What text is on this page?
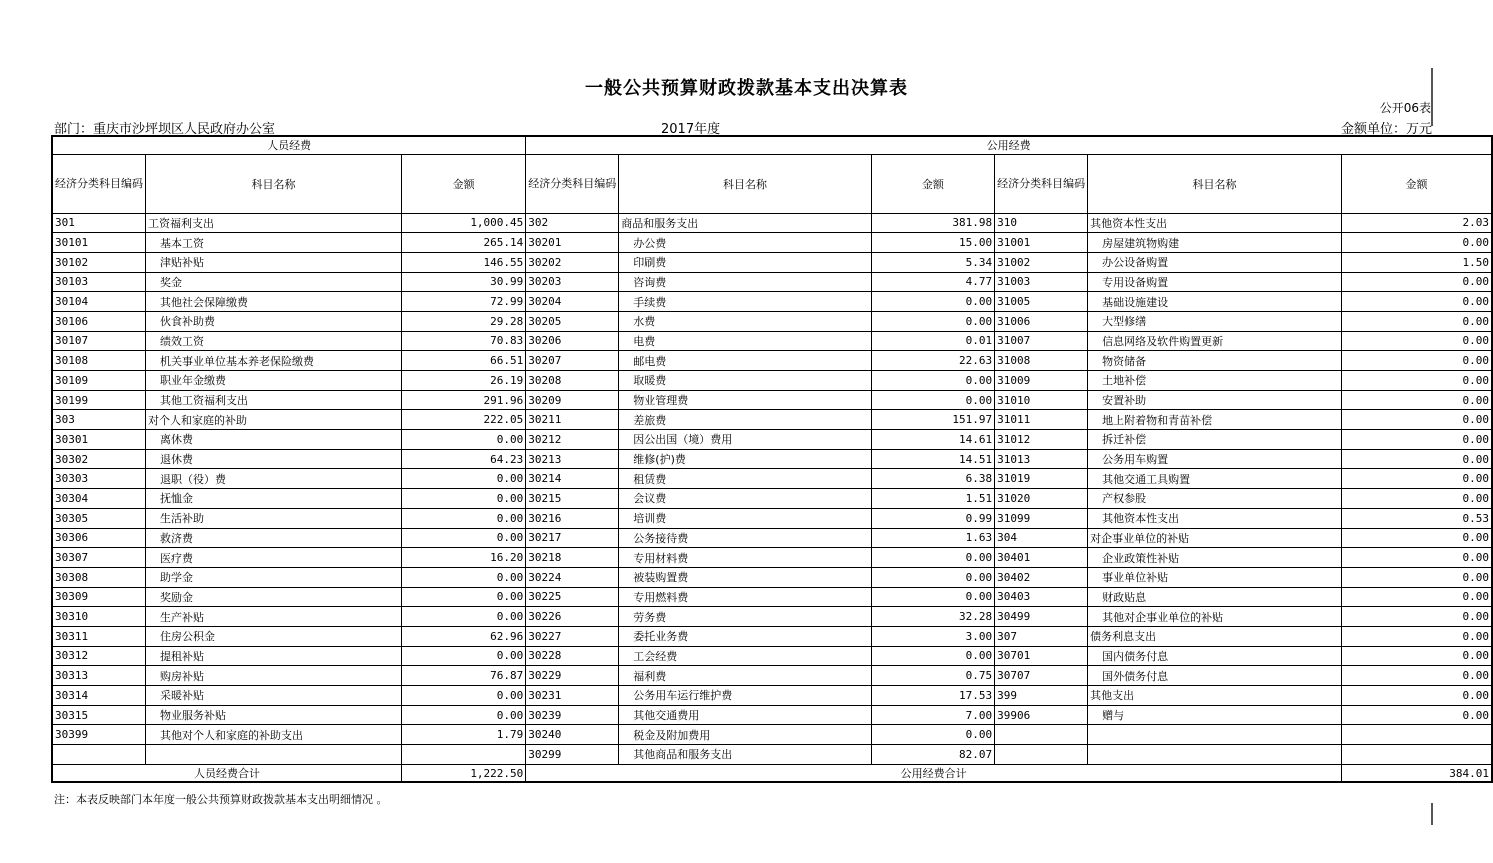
一般公共预算财政拨款基本支出决算表
公开06表
部门：重庆市沙坪坝区人民政府办公室	2017年度	金额单位：万元
人员经费			公用经费					
经济分类科目编码	科目名称	金额	经济分类科目编码	科目名称	金额	经济分类科目编码	科目名称	金额
301	工资福利支出	1,000.45	302	商品和服务支出	381.98	310	其他资本性支出	2.03
30101	基本工资	265.14	30201	办公费	15.00	31001	房屋建筑物购建	0.00
30102	津贴补贴	146.55	30202	印刷费	5.34	31002	办公设备购置	1.50
30103	奖金	30.99	30203	咨询费	4.77	31003	专用设备购置	0.00
30104	其他社会保障缴费	72.99	30204	手续费	0.00	31005	基础设施建设	0.00
30106	伙食补助费	29.28	30205	水费	0.00	31006	大型修缮	0.00
30107	绩效工资	70.83	30206	电费	0.01	31007	信息网络及软件购置更新	0.00
30108	机关事业单位基本养老保险缴费	66.51	30207	邮电费	22.63	31008	物资储备	0.00
30109	职业年金缴费	26.19	30208	取暖费	0.00	31009	土地补偿	0.00
30199	其他工资福利支出	291.96	30209	物业管理费	0.00	31010	安置补助	0.00
303	对个人和家庭的补助	222.05	30211	差旅费	151.97	31011	地上附着物和青苗补偿	0.00
30301	离休费	0.00	30212	因公出国（境）费用	14.61	31012	拆迁补偿	0.00
30302	退休费	64.23	30213	维修(护)费	14.51	31013	公务用车购置	0.00
30303	退职（役）费	0.00	30214	租赁费	6.38	31019	其他交通工具购置	0.00
30304	抚恤金	0.00	30215	会议费	1.51	31020	产权参股	0.00
30305	生活补助	0.00	30216	培训费	0.99	31099	其他资本性支出	0.53
30306	救济费	0.00	30217	公务接待费	1.63	304	对企事业单位的补贴	0.00
30307	医疗费	16.20	30218	专用材料费	0.00	30401	企业政策性补贴	0.00
30308	助学金	0.00	30224	被装购置费	0.00	30402	事业单位补贴	0.00
30309	奖励金	0.00	30225	专用燃料费	0.00	30403	财政贴息	0.00
30310	生产补贴	0.00	30226	劳务费	32.28	30499	其他对企事业单位的补贴	0.00
30311	住房公积金	62.96	30227	委托业务费	3.00	307	债务利息支出	0.00
30312	提租补贴	0.00	30228	工会经费	0.00	30701	国内债务付息	0.00
30313	购房补贴	76.87	30229	福利费	0.75	30707	国外债务付息	0.00
30314	采暖补贴	0.00	30231	公务用车运行维护费	17.53	399	其他支出	0.00
30315	物业服务补贴	0.00	30239	其他交通费用	7.00	39906	赠与	0.00
30399	其他对个人和家庭的补助支出	1.79	30240	税金及附加费用	0.00			
			30299	其他商品和服务支出	82.07			
人员经费合计		1,222.50	公用经费合计					384.01
注：本表反映部门本年度一般公共预算财政拨款基本支出明细情况 。
